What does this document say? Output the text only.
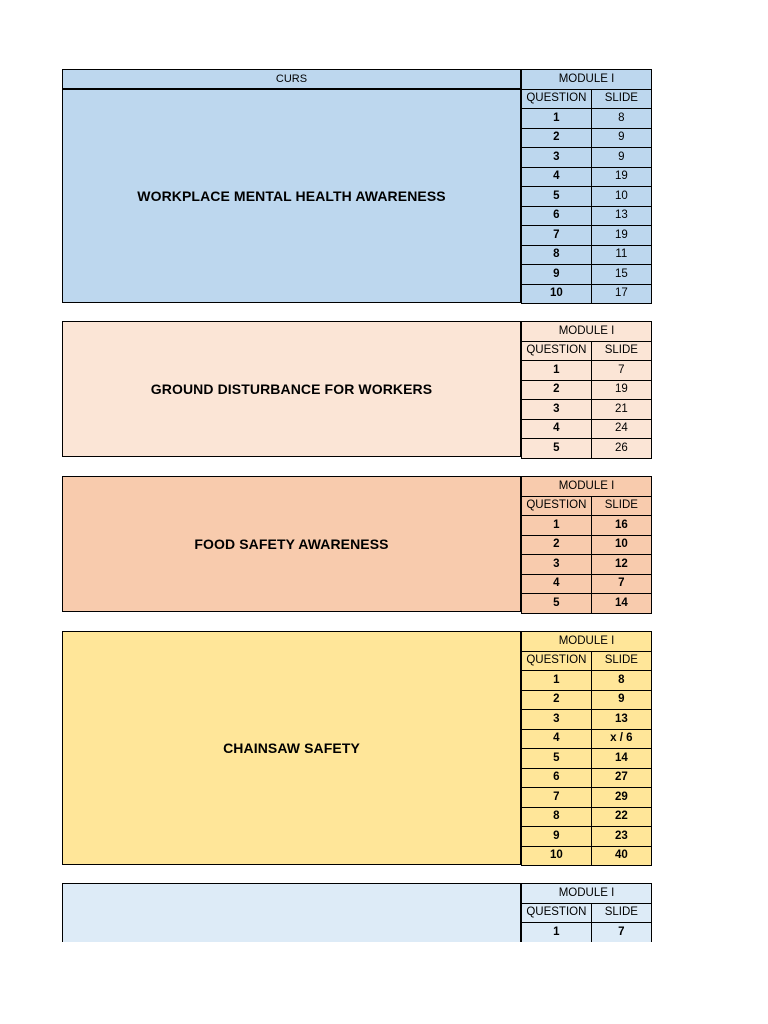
CURS
WORKPLACE MENTAL HEALTH AWARENESS
MODULE I	
QUESTION	SLIDE
1	8
2	9
3	9
4	19
5	10
6	13
7	19
8	11
9	15
10	17
GROUND DISTURBANCE FOR WORKERS
MODULE I	
QUESTION	SLIDE
1	7
2	19
3	21
4	24
5	26
FOOD SAFETY AWARENESS
MODULE I	
QUESTION	SLIDE
1	16
2	10
3	12
4	7
5	14
CHAINSAW SAFETY
MODULE I	
QUESTION	SLIDE
1	8
2	9
3	13
4	x / 6
5	14
6	27
7	29
8	22
9	23
10	40
MODULE I	
QUESTION	SLIDE
1	7
